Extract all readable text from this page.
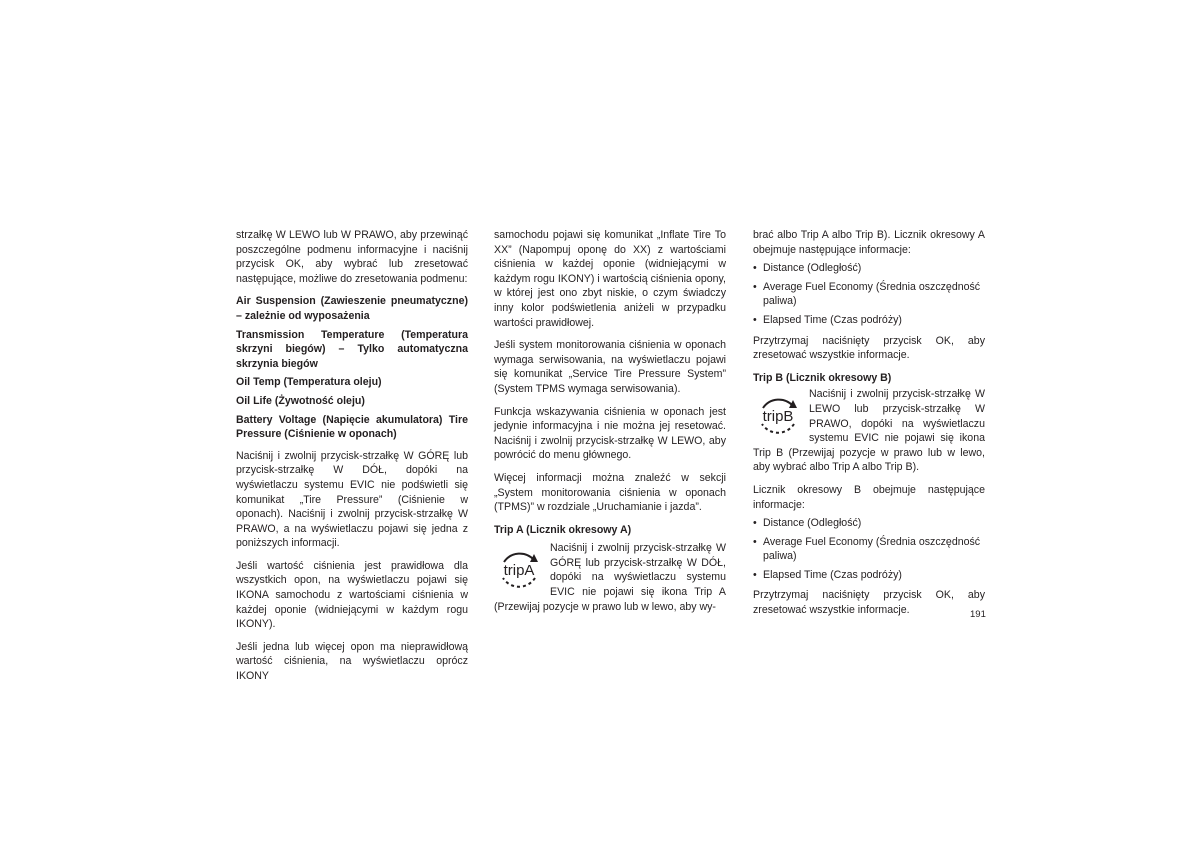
strzałkę W LEWO lub W PRAWO, aby przewinąć poszczególne podmenu informacyjne i naciśnij przycisk OK, aby wybrać lub zresetować następujące, możliwe do zresetowania podmenu:

Air Suspension (Zawieszenie pneumatyczne) – zależnie od wyposażenia

Transmission Temperature (Temperatura skrzyni biegów) – Tylko automatyczna skrzynia biegów

Oil Temp (Temperatura oleju)

Oil Life (Żywotność oleju)

Battery Voltage (Napięcie akumulatora) Tire Pressure (Ciśnienie w oponach)

Naciśnij i zwolnij przycisk-strzałkę W GÓRĘ lub przycisk-strzałkę W DÓŁ, dopóki na wyświetlaczu systemu EVIC nie podświetli się komunikat „Tire Pressure” (Ciśnienie w oponach). Naciśnij i zwolnij przycisk-strzałkę W PRAWO, a na wyświetlaczu pojawi się jedna z poniższych informacji.

Jeśli wartość ciśnienia jest prawidłowa dla wszystkich opon, na wyświetlaczu pojawi się IKONA samochodu z wartościami ciśnienia w każdej oponie (widniejącymi w każdym rogu IKONY).

Jeśli jedna lub więcej opon ma nieprawidłową wartość ciśnienia, na wyświetlaczu oprócz IKONY

samochodu pojawi się komunikat „Inflate Tire To XX” (Napompuj oponę do XX) z wartościami ciśnienia w każdej oponie (widniejącymi w każdym rogu IKONY) i wartością ciśnienia opony, w której jest ono zbyt niskie, o czym świadczy inny kolor podświetlenia aniżeli w przypadku wartości prawidłowej.

Jeśli system monitorowania ciśnienia w oponach wymaga serwisowania, na wyświetlaczu pojawi się komunikat „Service Tire Pressure System” (System TPMS wymaga serwisowania).

Funkcja wskazywania ciśnienia w oponach jest jedynie informacyjna i nie można jej resetować. Naciśnij i zwolnij przycisk-strzałkę W LEWO, aby powrócić do menu głównego.

Więcej informacji można znaleźć w sekcji „System monitorowania ciśnienia w oponach (TPMS)” w rozdziale „Uruchamianie i jazda”.

Trip A (Licznik okresowy A)

tripA
Naciśnij i zwolnij przycisk-strzałkę W GÓRĘ lub przycisk-strzałkę W DÓŁ, dopóki na wyświetlaczu systemu EVIC nie pojawi się ikona Trip A (Przewijaj pozycje w prawo lub w lewo, aby wy-

brać albo Trip A albo Trip B). Licznik okresowy A obejmuje następujące informacje:

• Distance (Odległość)
• Average Fuel Economy (Średnia oszczędność paliwa)
• Elapsed Time (Czas podróży)

Przytrzymaj naciśnięty przycisk OK, aby zresetować wszystkie informacje.

Trip B (Licznik okresowy B)

tripB
Naciśnij i zwolnij przycisk-strzałkę W LEWO lub przycisk-strzałkę W PRAWO, dopóki na wyświetlaczu systemu EVIC nie pojawi się ikona Trip B (Przewijaj pozycje w prawo lub w lewo, aby wybrać albo Trip A albo Trip B).

Licznik okresowy B obejmuje następujące informacje:

• Distance (Odległość)
• Average Fuel Economy (Średnia oszczędność paliwa)
• Elapsed Time (Czas podróży)

Przytrzymaj naciśnięty przycisk OK, aby zresetować wszystkie informacje.	191
